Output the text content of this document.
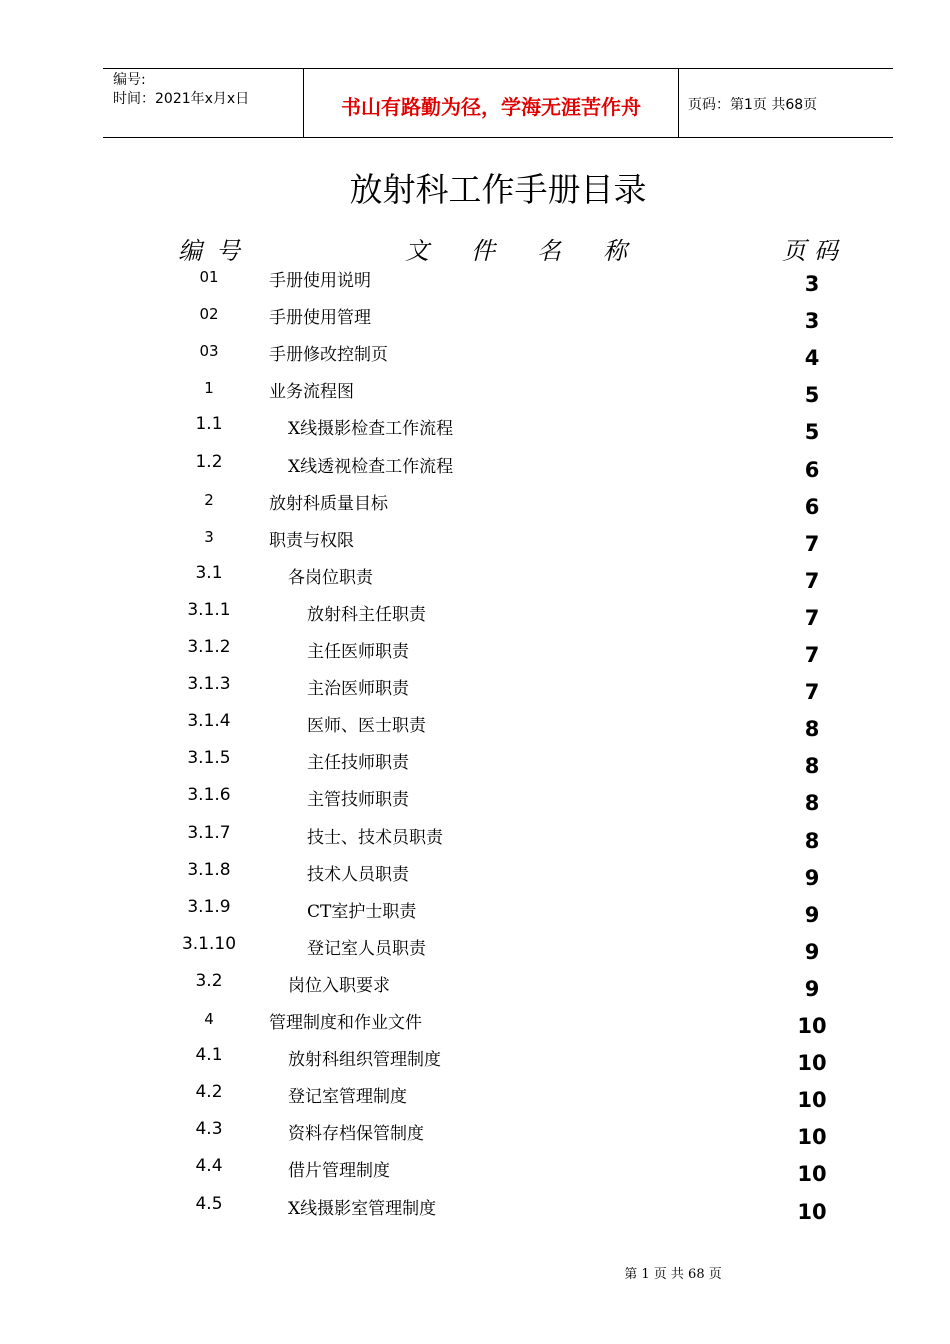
编号:
时间：2021年x月x日	书山有路勤为径，学海无涯苦作舟	页码：第1页 共68页
放射科工作手册目录
编号	文件名称	页码
01	手册使用说明	3
02	手册使用管理	3
03	手册修改控制页	4
1	业务流程图	5
1.1	X线摄影检查工作流程	5
1.2	X线透视检查工作流程	6
2	放射科质量目标	6
3	职责与权限	7
3.1	各岗位职责	7
3.1.1	放射科主任职责	7
3.1.2	主任医师职责	7
3.1.3	主治医师职责	7
3.1.4	医师、医士职责	8
3.1.5	主任技师职责	8
3.1.6	主管技师职责	8
3.1.7	技士、技术员职责	8
3.1.8	技术人员职责	9
3.1.9	CT室护士职责	9
3.1.10	登记室人员职责	9
3.2	岗位入职要求	9
4	管理制度和作业文件	10
4.1	放射科组织管理制度	10
4.2	登记室管理制度	10
4.3	资料存档保管制度	10
4.4	借片管理制度	10
4.5	X线摄影室管理制度	10
第 1 页 共 68 页
